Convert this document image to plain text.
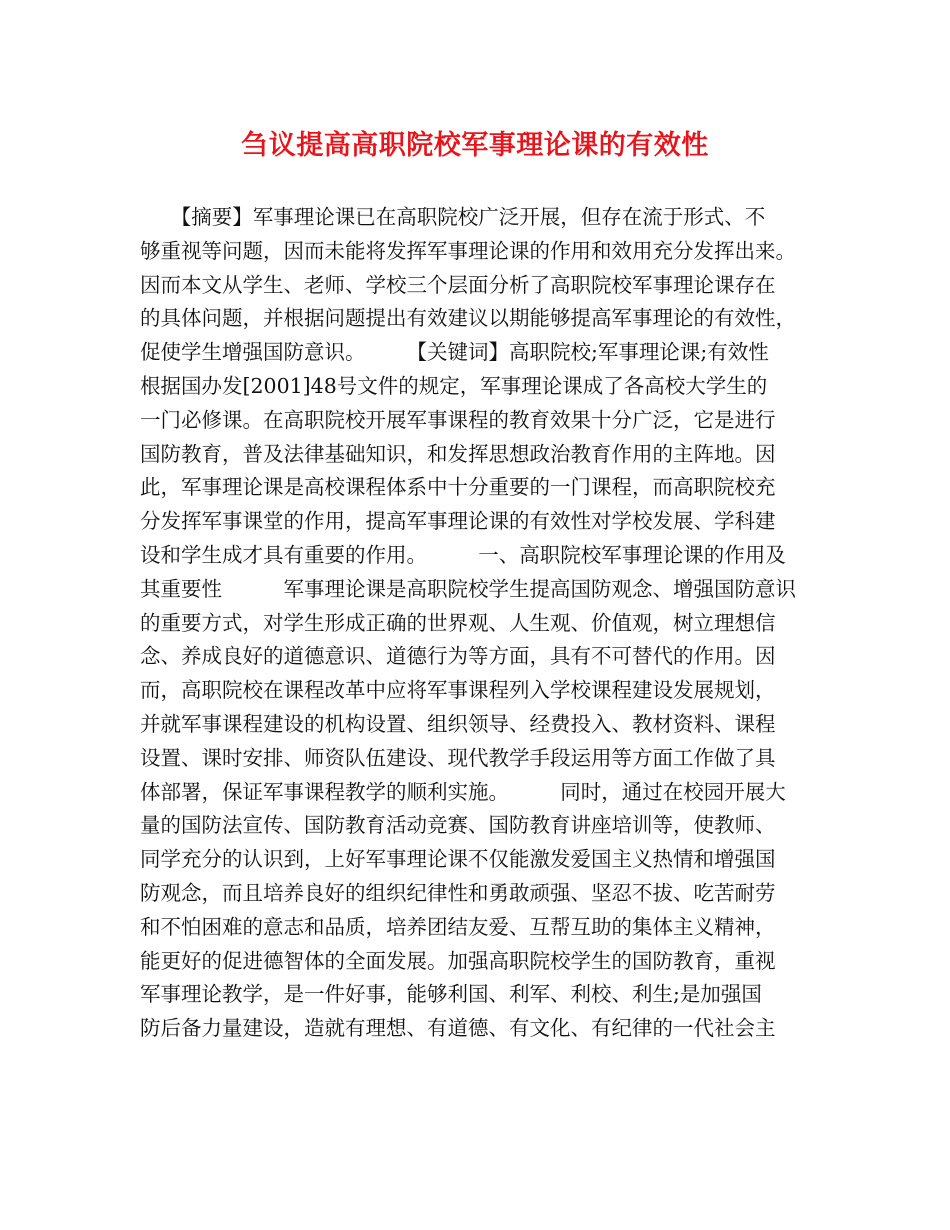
刍议提高高职院校军事理论课的有效性
　　【摘要】军事理论课已在高职院校广泛开展，但存在流于形式、不
够重视等问题，因而未能将发挥军事理论课的作用和效用充分发挥出来。
因而本文从学生、老师、学校三个层面分析了高职院校军事理论课存在
的具体问题，并根据问题提出有效建议以期能够提高军事理论的有效性，
促使学生增强国防意识。　　　【关键词】高职院校;军事理论课;有效性
根据国办发[2001]48号文件的规定，军事理论课成了各高校大学生的
一门必修课。在高职院校开展军事课程的教育效果十分广泛，它是进行
国防教育，普及法律基础知识，和发挥思想政治教育作用的主阵地。因
此，军事理论课是高校课程体系中十分重要的一门课程，而高职院校充
分发挥军事课堂的作用，提高军事理论课的有效性对学校发展、学科建
设和学生成才具有重要的作用。　　　一、高职院校军事理论课的作用及
其重要性　　　军事理论课是高职院校学生提高国防观念、增强国防意识
的重要方式，对学生形成正确的世界观、人生观、价值观，树立理想信
念、养成良好的道德意识、道德行为等方面，具有不可替代的作用。因
而，高职院校在课程改革中应将军事课程列入学校课程建设发展规划，
并就军事课程建设的机构设置、组织领导、经费投入、教材资料、课程
设置、课时安排、师资队伍建设、现代教学手段运用等方面工作做了具
体部署，保证军事课程教学的顺利实施。　　　同时，通过在校园开展大
量的国防法宣传、国防教育活动竞赛、国防教育讲座培训等，使教师、
同学充分的认识到，上好军事理论课不仅能激发爱国主义热情和增强国
防观念，而且培养良好的组织纪律性和勇敢顽强、坚忍不拔、吃苦耐劳
和不怕困难的意志和品质，培养团结友爱、互帮互助的集体主义精神，
能更好的促进德智体的全面发展。加强高职院校学生的国防教育，重视
军事理论教学，是一件好事，能够利国、利军、利校、利生;是加强国
防后备力量建设，造就有理想、有道德、有文化、有纪律的一代社会主
